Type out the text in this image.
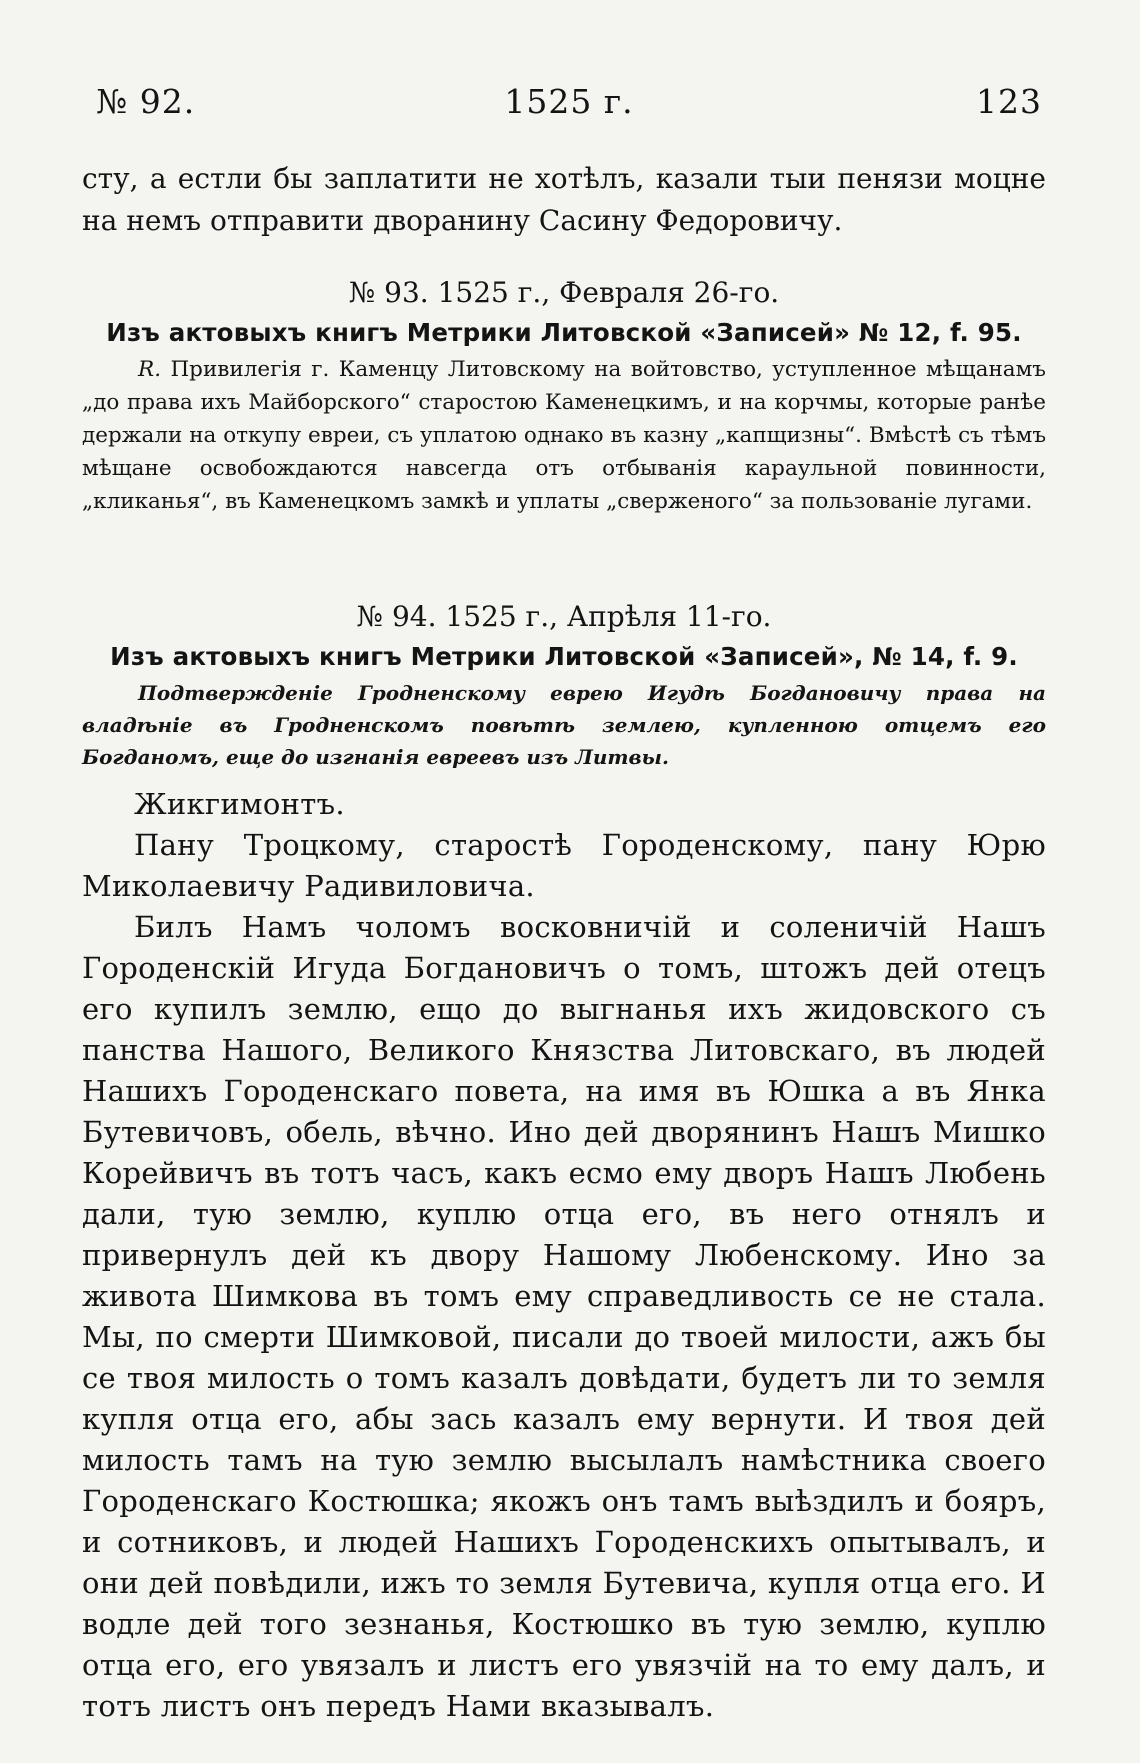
№ 92.	1525 г.	123

сту, а естли бы заплатити не хотѣлъ, казали тыи пенязи моцне на немъ отправити дворанину Сасину Федоровичу.

№ 93. 1525 г., Февраля 26-го.

Изъ актовыхъ книгъ Метрики Литовской «Записей» № 12, f. 95.

R. Привилегія г. Каменцу Литовскому на войтовство, уступленное мѣщанамъ „до права ихъ Майборского“ старостою Каменецкимъ, и на корчмы, которые ранѣе держали на откупу евреи, съ уплатою однако въ казну „капщизны“. Вмѣстѣ съ тѣмъ мѣщане освобождаются навсегда отъ отбыванія караульной повинности, „кликанья“, въ Каменецкомъ замкѣ и уплаты „сверженого“ за пользованіе лугами.

№ 94. 1525 г., Апрѣля 11-го.

Изъ актовыхъ книгъ Метрики Литовской «Записей», № 14, f. 9.

Подтвержденіе Гродненскому еврею Игудѣ Богдановичу права на владѣніе въ Гродненскомъ повѣтѣ землею, купленною отцемъ его Богданомъ, еще до изгнанія евреевъ изъ Литвы.

Жикгимонтъ.

Пану Троцкому, старостѣ Городенскому, пану Юрю Миколаевичу Радивиловича.

Билъ Намъ чоломъ восковничій и соленичій Нашъ Городенскій Игуда Богдановичъ о томъ, штожъ дей отецъ его купилъ землю, ещо до выгнанья ихъ жидовского съ панства Нашого, Великого Князства Литовскаго, въ людей Нашихъ Городенскаго повета, на имя въ Юшка а въ Янка Бутевичовъ, обель, вѣчно. Ино дей дворянинъ Нашъ Мишко Корейвичъ въ тотъ часъ, какъ есмо ему дворъ Нашъ Любень дали, тую землю, куплю отца его, въ него отнялъ и привернулъ дей къ двору Нашому Любенскому. Ино за живота Шимкова въ томъ ему справедливость се не стала. Мы, по смерти Шимковой, писали до твоей милости, ажъ бы се твоя милость о томъ казалъ довѣдати, будетъ ли то земля купля отца его, абы зась казалъ ему вернути. И твоя дей милость тамъ на тую землю высылалъ намѣстника своего Городенскаго Костюшка; якожъ онъ тамъ выѣздилъ и бояръ, и сотниковъ, и людей Нашихъ Городенскихъ опытывалъ, и они дей повѣдили, ижъ то земля Бутевича, купля отца его. И водле дей того зезнанья, Костюшко въ тую землю, куплю отца его, его увязалъ и листъ его увязчій на то ему далъ, и тотъ листъ онъ передъ Нами вказывалъ.
